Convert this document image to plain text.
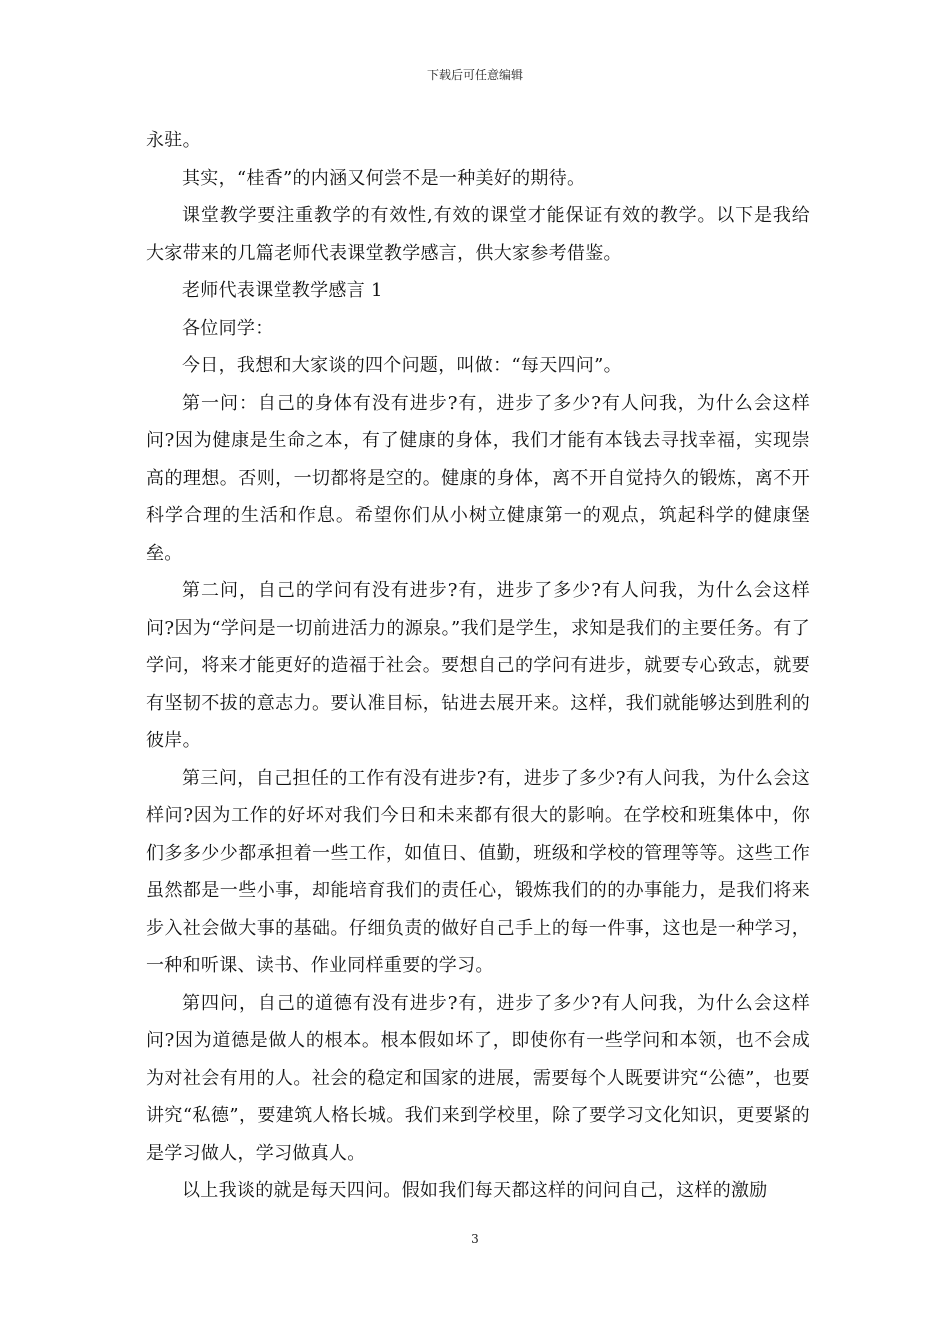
下载后可任意编辑

永驻。

其实，“桂香”的内涵又何尝不是一种美好的期待。

课堂教学要注重教学的有效性,有效的课堂才能保证有效的教学。以下是我给大家带来的几篇老师代表课堂教学感言，供大家参考借鉴。

老师代表课堂教学感言 1

各位同学：

今日，我想和大家谈的四个问题，叫做：“每天四问”。

第一问：自己的身体有没有进步?有，进步了多少?有人问我，为什么会这样问?因为健康是生命之本，有了健康的身体，我们才能有本钱去寻找幸福，实现崇高的理想。否则，一切都将是空的。健康的身体，离不开自觉持久的锻炼，离不开科学合理的生活和作息。希望你们从小树立健康第一的观点，筑起科学的健康堡垒。

第二问，自己的学问有没有进步?有，进步了多少?有人问我，为什么会这样问?因为“学问是一切前进活力的源泉。”我们是学生，求知是我们的主要任务。有了学问，将来才能更好的造福于社会。要想自己的学问有进步，就要专心致志，就要有坚韧不拔的意志力。要认准目标，钻进去展开来。这样，我们就能够达到胜利的彼岸。

第三问，自己担任的工作有没有进步?有，进步了多少?有人问我，为什么会这样问?因为工作的好坏对我们今日和未来都有很大的影响。在学校和班集体中，你们多多少少都承担着一些工作，如值日、值勤，班级和学校的管理等等。这些工作虽然都是一些小事，却能培育我们的责任心，锻炼我们的的办事能力，是我们将来步入社会做大事的基础。仔细负责的做好自己手上的每一件事，这也是一种学习，一种和听课、读书、作业同样重要的学习。

第四问，自己的道德有没有进步?有，进步了多少?有人问我，为什么会这样问?因为道德是做人的根本。根本假如坏了，即使你有一些学问和本领，也不会成为对社会有用的人。社会的稳定和国家的进展，需要每个人既要讲究“公德”，也要讲究“私德”，要建筑人格长城。我们来到学校里，除了要学习文化知识，更要紧的是学习做人，学习做真人。

以上我谈的就是每天四问。假如我们每天都这样的问问自己，这样的激励

3
